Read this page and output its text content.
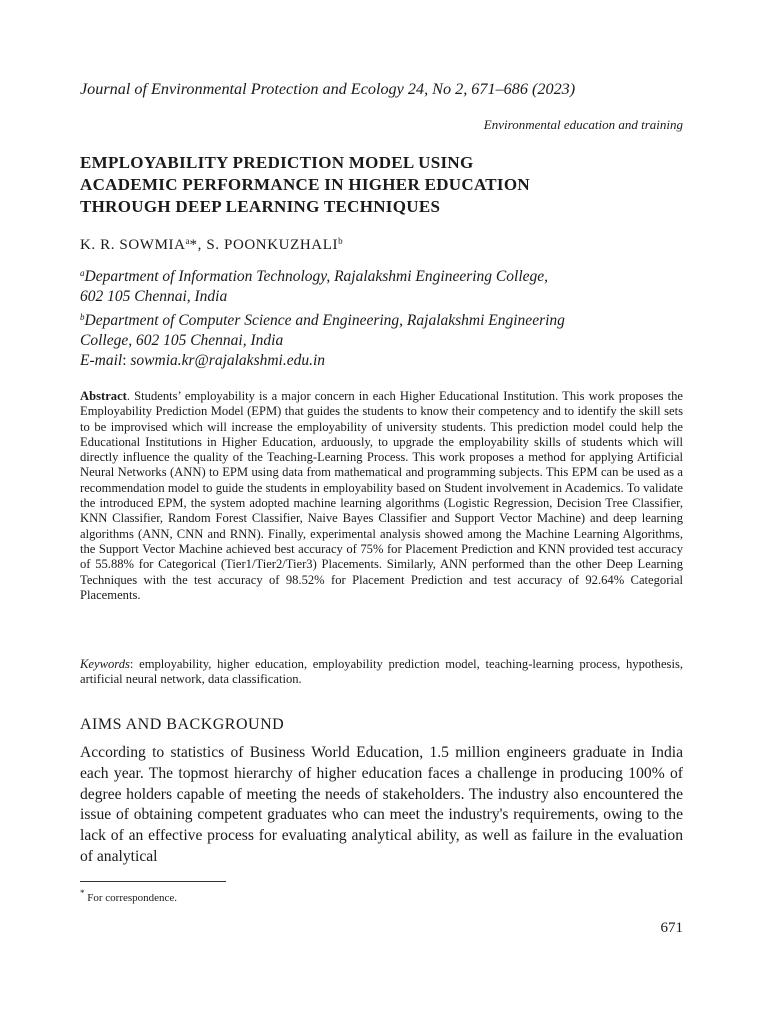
Journal of Environmental Protection and Ecology 24, No 2, 671–686 (2023)
Environmental education and training
EMPLOYABILITY PREDICTION MODEL USING
ACADEMIC PERFORMANCE IN HIGHER EDUCATION
THROUGH DEEP LEARNING TECHNIQUES
K. R. SOWMIA$^a$*, S. POONKUZHALI$^b$
$^a$Department of Information Technology, Rajalakshmi Engineering College,
602 105 Chennai, India
$^b$Department of Computer Science and Engineering, Rajalakshmi Engineering
College, 602 105 Chennai, India
E-mail: sowmia.kr@rajalakshmi.edu.in
Abstract. Students’ employability is a major concern in each Higher Educational Institution. This work proposes the Employability Prediction Model (EPM) that guides the students to know their competency and to identify the skill sets to be improvised which will increase the employability of university students. This prediction model could help the Educational Institutions in Higher Education, arduously, to upgrade the employability skills of students which will directly influence the quality of the Teaching-Learning Process. This work proposes a method for applying Artificial Neural Networks (ANN) to EPM using data from mathematical and programming subjects. This EPM can be used as a recommendation model to guide the students in employability based on Student involvement in Academics. To validate the introduced EPM, the system adopted machine learning algorithms (Logistic Regression, Decision Tree Classifier, KNN Classifier, Random Forest Classifier, Naive Bayes Classifier and Support Vector Machine) and deep learning algorithms (ANN, CNN and RNN). Finally, experimental analysis showed among the Machine Learning Algorithms, the Support Vector Machine achieved best accuracy of 75% for Placement Prediction and KNN provided test accuracy of 55.88% for Categorical (Tier1/Tier2/Tier3) Placements. Similarly, ANN performed than the other Deep Learning Techniques with the test accuracy of 98.52% for Placement Prediction and test accuracy of 92.64% Categorial Placements.
Keywords: employability, higher education, employability prediction model, teaching-learning process, hypothesis, artificial neural network, data classification.
AIMS AND BACKGROUND
According to statistics of Business World Education, 1.5 million engineers graduate in India each year. The topmost hierarchy of higher education faces a challenge in producing 100% of degree holders capable of meeting the needs of stakeholders. The industry also encountered the issue of obtaining competent graduates who can meet the industry's requirements, owing to the lack of an effective process for evaluating analytical ability, as well as failure in the evaluation of analytical
* For correspondence.
671
